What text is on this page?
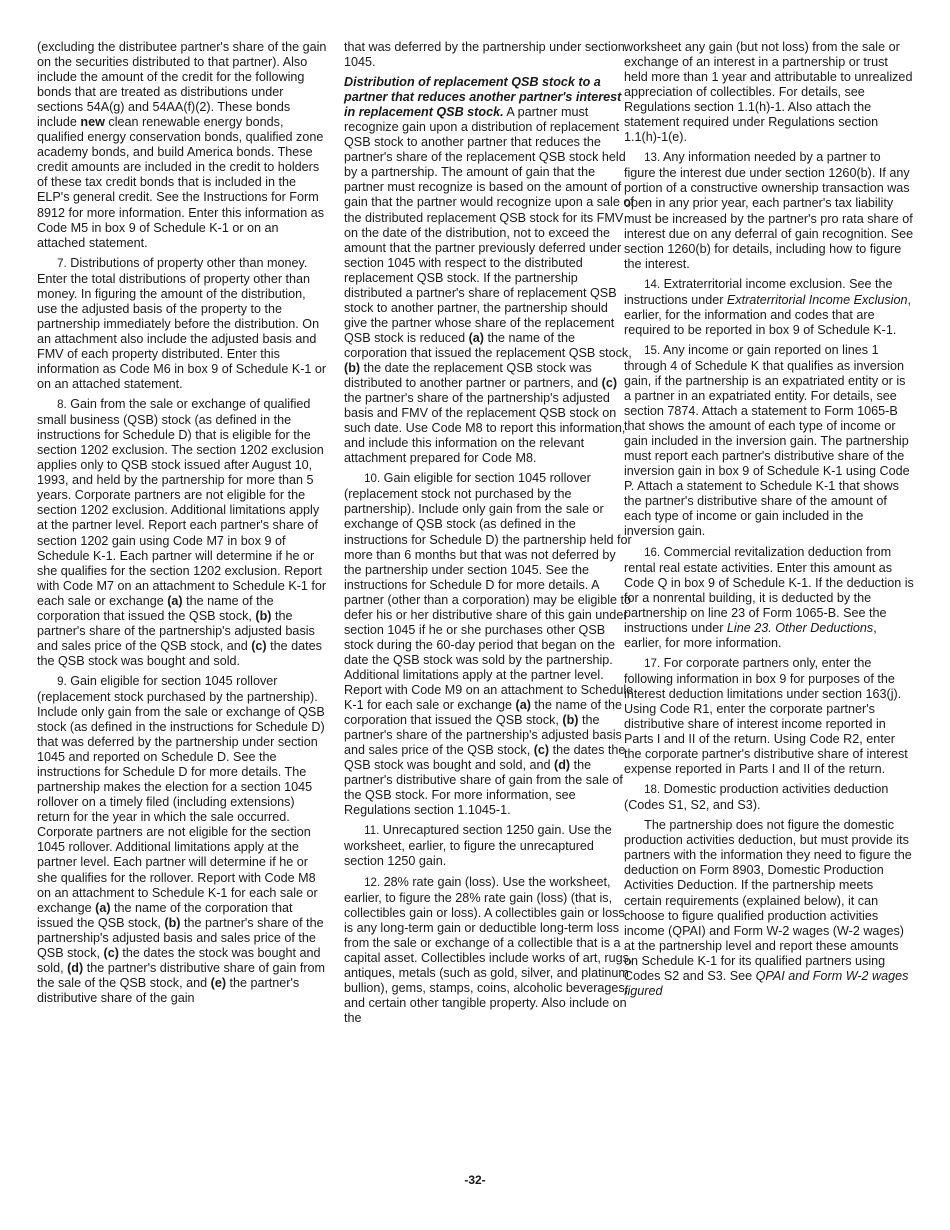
(excluding the distributee partner's share of the gain on the securities distributed to that partner). Also include the amount of the credit for the following bonds that are treated as distributions under sections 54A(g) and 54AA(f)(2). These bonds include new clean renewable energy bonds, qualified energy conservation bonds, qualified zone academy bonds, and build America bonds. These credit amounts are included in the credit to holders of these tax credit bonds that is included in the ELP's general credit. See the Instructions for Form 8912 for more information. Enter this information as Code M5 in box 9 of Schedule K-1 or on an attached statement.

7. Distributions of property other than money. Enter the total distributions of property other than money. In figuring the amount of the distribution, use the adjusted basis of the property to the partnership immediately before the distribution. On an attachment also include the adjusted basis and FMV of each property distributed. Enter this information as Code M6 in box 9 of Schedule K-1 or on an attached statement.

8. Gain from the sale or exchange of qualified small business (QSB) stock (as defined in the instructions for Schedule D) that is eligible for the section 1202 exclusion. The section 1202 exclusion applies only to QSB stock issued after August 10, 1993, and held by the partnership for more than 5 years. Corporate partners are not eligible for the section 1202 exclusion. Additional limitations apply at the partner level. Report each partner's share of section 1202 gain using Code M7 in box 9 of Schedule K-1. Each partner will determine if he or she qualifies for the section 1202 exclusion. Report with Code M7 on an attachment to Schedule K-1 for each sale or exchange (a) the name of the corporation that issued the QSB stock, (b) the partner's share of the partnership's adjusted basis and sales price of the QSB stock, and (c) the dates the QSB stock was bought and sold.

9. Gain eligible for section 1045 rollover (replacement stock purchased by the partnership). Include only gain from the sale or exchange of QSB stock (as defined in the instructions for Schedule D) that was deferred by the partnership under section 1045 and reported on Schedule D. See the instructions for Schedule D for more details. The partnership makes the election for a section 1045 rollover on a timely filed (including extensions) return for the year in which the sale occurred. Corporate partners are not eligible for the section 1045 rollover. Additional limitations apply at the partner level. Each partner will determine if he or she qualifies for the rollover. Report with Code M8 on an attachment to Schedule K-1 for each sale or exchange (a) the name of the corporation that issued the QSB stock, (b) the partner's share of the partnership's adjusted basis and sales price of the QSB stock, (c) the dates the stock was bought and sold, (d) the partner's distributive share of gain from the sale of the QSB stock, and (e) the partner's distributive share of the gain

that was deferred by the partnership under section 1045.

Distribution of replacement QSB stock to a partner that reduces another partner's interest in replacement QSB stock. A partner must recognize gain upon a distribution of replacement QSB stock to another partner that reduces the partner's share of the replacement QSB stock held by a partnership. The amount of gain that the partner must recognize is based on the amount of gain that the partner would recognize upon a sale of the distributed replacement QSB stock for its FMV on the date of the distribution, not to exceed the amount that the partner previously deferred under section 1045 with respect to the distributed replacement QSB stock. If the partnership distributed a partner's share of replacement QSB stock to another partner, the partnership should give the partner whose share of the replacement QSB stock is reduced (a) the name of the corporation that issued the replacement QSB stock, (b) the date the replacement QSB stock was distributed to another partner or partners, and (c) the partner's share of the partnership's adjusted basis and FMV of the replacement QSB stock on such date. Use Code M8 to report this information, and include this information on the relevant attachment prepared for Code M8.

10. Gain eligible for section 1045 rollover (replacement stock not purchased by the partnership). Include only gain from the sale or exchange of QSB stock (as defined in the instructions for Schedule D) the partnership held for more than 6 months but that was not deferred by the partnership under section 1045. See the instructions for Schedule D for more details. A partner (other than a corporation) may be eligible to defer his or her distributive share of this gain under section 1045 if he or she purchases other QSB stock during the 60-day period that began on the date the QSB stock was sold by the partnership. Additional limitations apply at the partner level. Report with Code M9 on an attachment to Schedule K-1 for each sale or exchange (a) the name of the corporation that issued the QSB stock, (b) the partner's share of the partnership's adjusted basis and sales price of the QSB stock, (c) the dates the QSB stock was bought and sold, and (d) the partner's distributive share of gain from the sale of the QSB stock. For more information, see Regulations section 1.1045-1.

11. Unrecaptured section 1250 gain. Use the worksheet, earlier, to figure the unrecaptured section 1250 gain.

12. 28% rate gain (loss). Use the worksheet, earlier, to figure the 28% rate gain (loss) (that is, collectibles gain or loss). A collectibles gain or loss is any long-term gain or deductible long-term loss from the sale or exchange of a collectible that is a capital asset. Collectibles include works of art, rugs, antiques, metals (such as gold, silver, and platinum bullion), gems, stamps, coins, alcoholic beverages, and certain other tangible property. Also include on the

worksheet any gain (but not loss) from the sale or exchange of an interest in a partnership or trust held more than 1 year and attributable to unrealized appreciation of collectibles. For details, see Regulations section 1.1(h)-1. Also attach the statement required under Regulations section 1.1(h)-1(e).

13. Any information needed by a partner to figure the interest due under section 1260(b). If any portion of a constructive ownership transaction was open in any prior year, each partner's tax liability must be increased by the partner's pro rata share of interest due on any deferral of gain recognition. See section 1260(b) for details, including how to figure the interest.

14. Extraterritorial income exclusion. See the instructions under Extraterritorial Income Exclusion, earlier, for the information and codes that are required to be reported in box 9 of Schedule K-1.

15. Any income or gain reported on lines 1 through 4 of Schedule K that qualifies as inversion gain, if the partnership is an expatriated entity or is a partner in an expatriated entity. For details, see section 7874. Attach a statement to Form 1065-B that shows the amount of each type of income or gain included in the inversion gain. The partnership must report each partner's distributive share of the inversion gain in box 9 of Schedule K-1 using Code P. Attach a statement to Schedule K-1 that shows the partner's distributive share of the amount of each type of income or gain included in the inversion gain.

16. Commercial revitalization deduction from rental real estate activities. Enter this amount as Code Q in box 9 of Schedule K-1. If the deduction is for a nonrental building, it is deducted by the partnership on line 23 of Form 1065-B. See the instructions under Line 23. Other Deductions, earlier, for more information.

17. For corporate partners only, enter the following information in box 9 for purposes of the interest deduction limitations under section 163(j). Using Code R1, enter the corporate partner's distributive share of interest income reported in Parts I and II of the return. Using Code R2, enter the corporate partner's distributive share of interest expense reported in Parts I and II of the return.

18. Domestic production activities deduction (Codes S1, S2, and S3).

The partnership does not figure the domestic production activities deduction, but must provide its partners with the information they need to figure the deduction on Form 8903, Domestic Production Activities Deduction. If the partnership meets certain requirements (explained below), it can choose to figure qualified production activities income (QPAI) and Form W-2 wages (W-2 wages) at the partnership level and report these amounts on Schedule K-1 for its qualified partners using Codes S2 and S3. See QPAI and Form W-2 wages figured

-32-
